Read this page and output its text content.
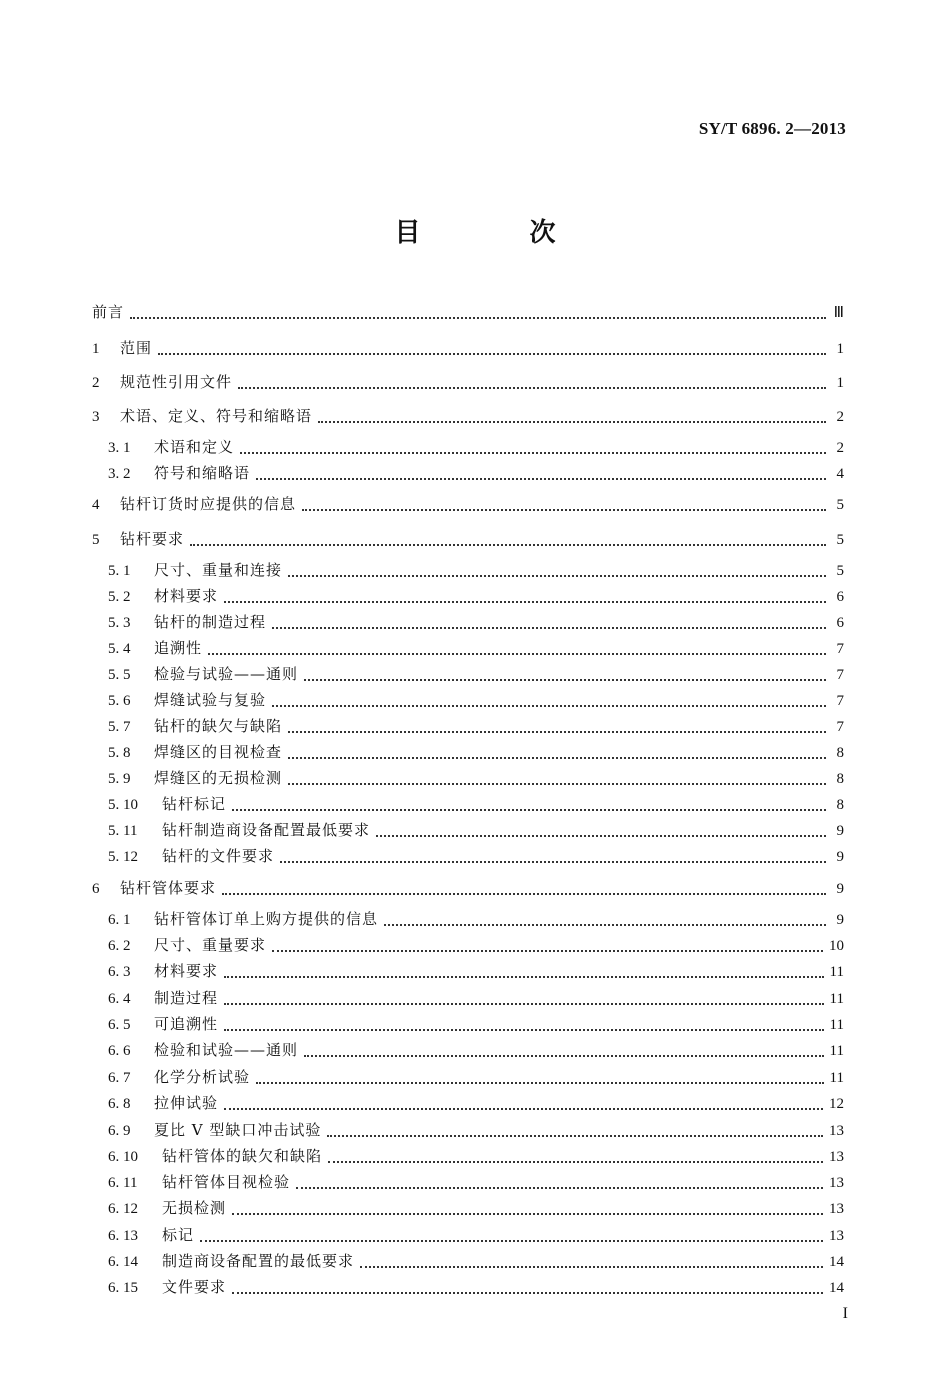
SY/T 6896. 2—2013
目 次
前言	Ⅲ
1	范围	1
2	规范性引用文件	1
3	术语、定义、符号和缩略语	2
3. 1	术语和定义	2
3. 2	符号和缩略语	4
4	钻杆订货时应提供的信息	5
5	钻杆要求	5
5. 1	尺寸、重量和连接	5
5. 2	材料要求	6
5. 3	钻杆的制造过程	6
5. 4	追溯性	7
5. 5	检验与试验——通则	7
5. 6	焊缝试验与复验	7
5. 7	钻杆的缺欠与缺陷	7
5. 8	焊缝区的目视检查	8
5. 9	焊缝区的无损检测	8
5. 10	钻杆标记	8
5. 11	钻杆制造商设备配置最低要求	9
5. 12	钻杆的文件要求	9
6	钻杆管体要求	9
6. 1	钻杆管体订单上购方提供的信息	9
6. 2	尺寸、重量要求	10
6. 3	材料要求	11
6. 4	制造过程	11
6. 5	可追溯性	11
6. 6	检验和试验——通则	11
6. 7	化学分析试验	11
6. 8	拉伸试验	12
6. 9	夏比 V 型缺口冲击试验	13
6. 10	钻杆管体的缺欠和缺陷	13
6. 11	钻杆管体目视检验	13
6. 12	无损检测	13
6. 13	标记	13
6. 14	制造商设备配置的最低要求	14
6. 15	文件要求	14
I
